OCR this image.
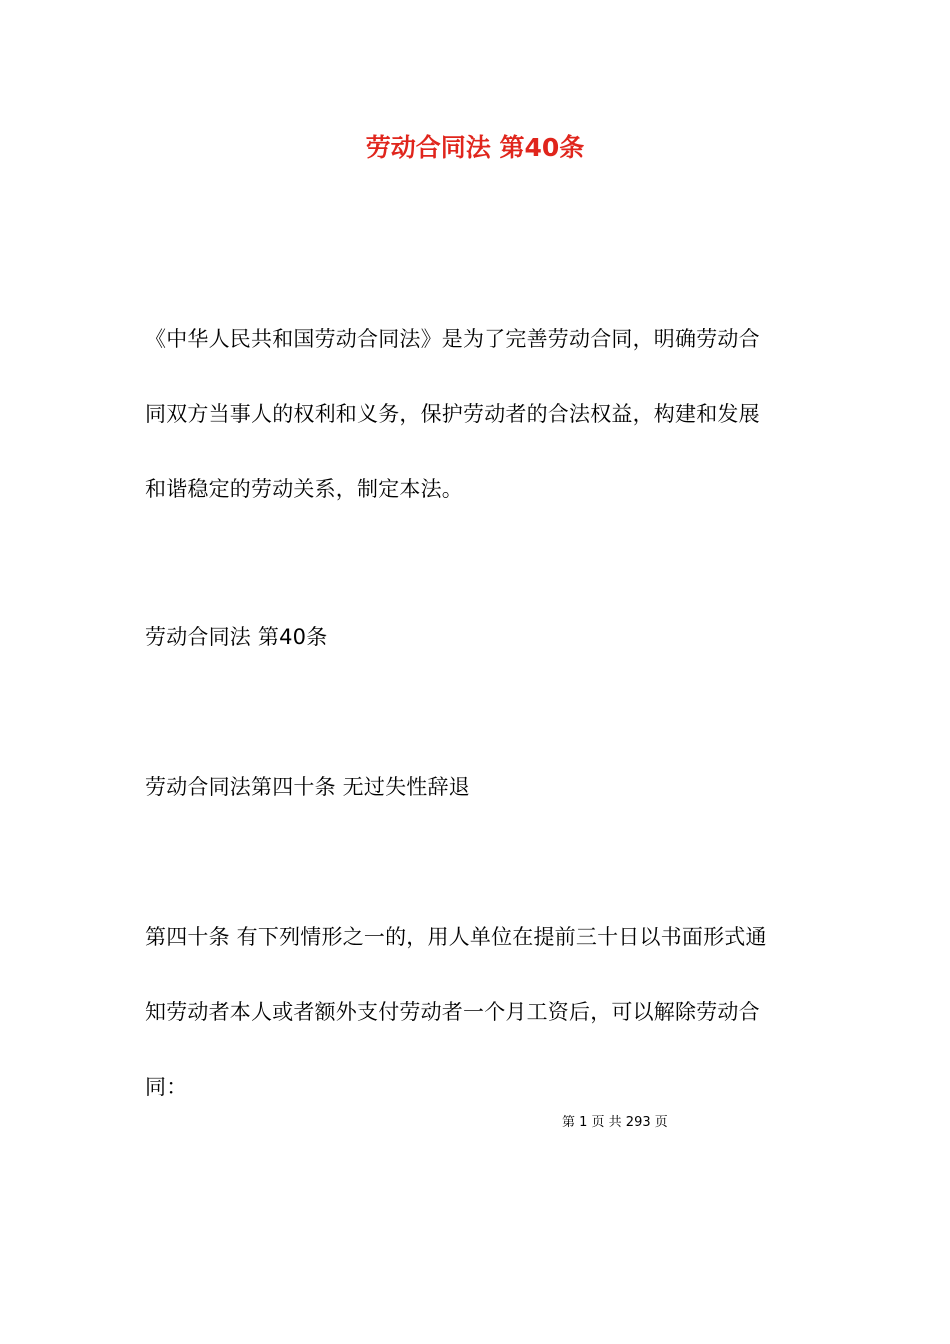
劳动合同法 第40条
《中华人民共和国劳动合同法》是为了完善劳动合同，明确劳动合
同双方当事人的权利和义务，保护劳动者的合法权益，构建和发展
和谐稳定的劳动关系，制定本法。
劳动合同法 第40条
劳动合同法第四十条 无过失性辞退
第四十条 有下列情形之一的，用人单位在提前三十日以书面形式通
知劳动者本人或者额外支付劳动者一个月工资后，可以解除劳动合
同：
第 1 页 共 293 页
